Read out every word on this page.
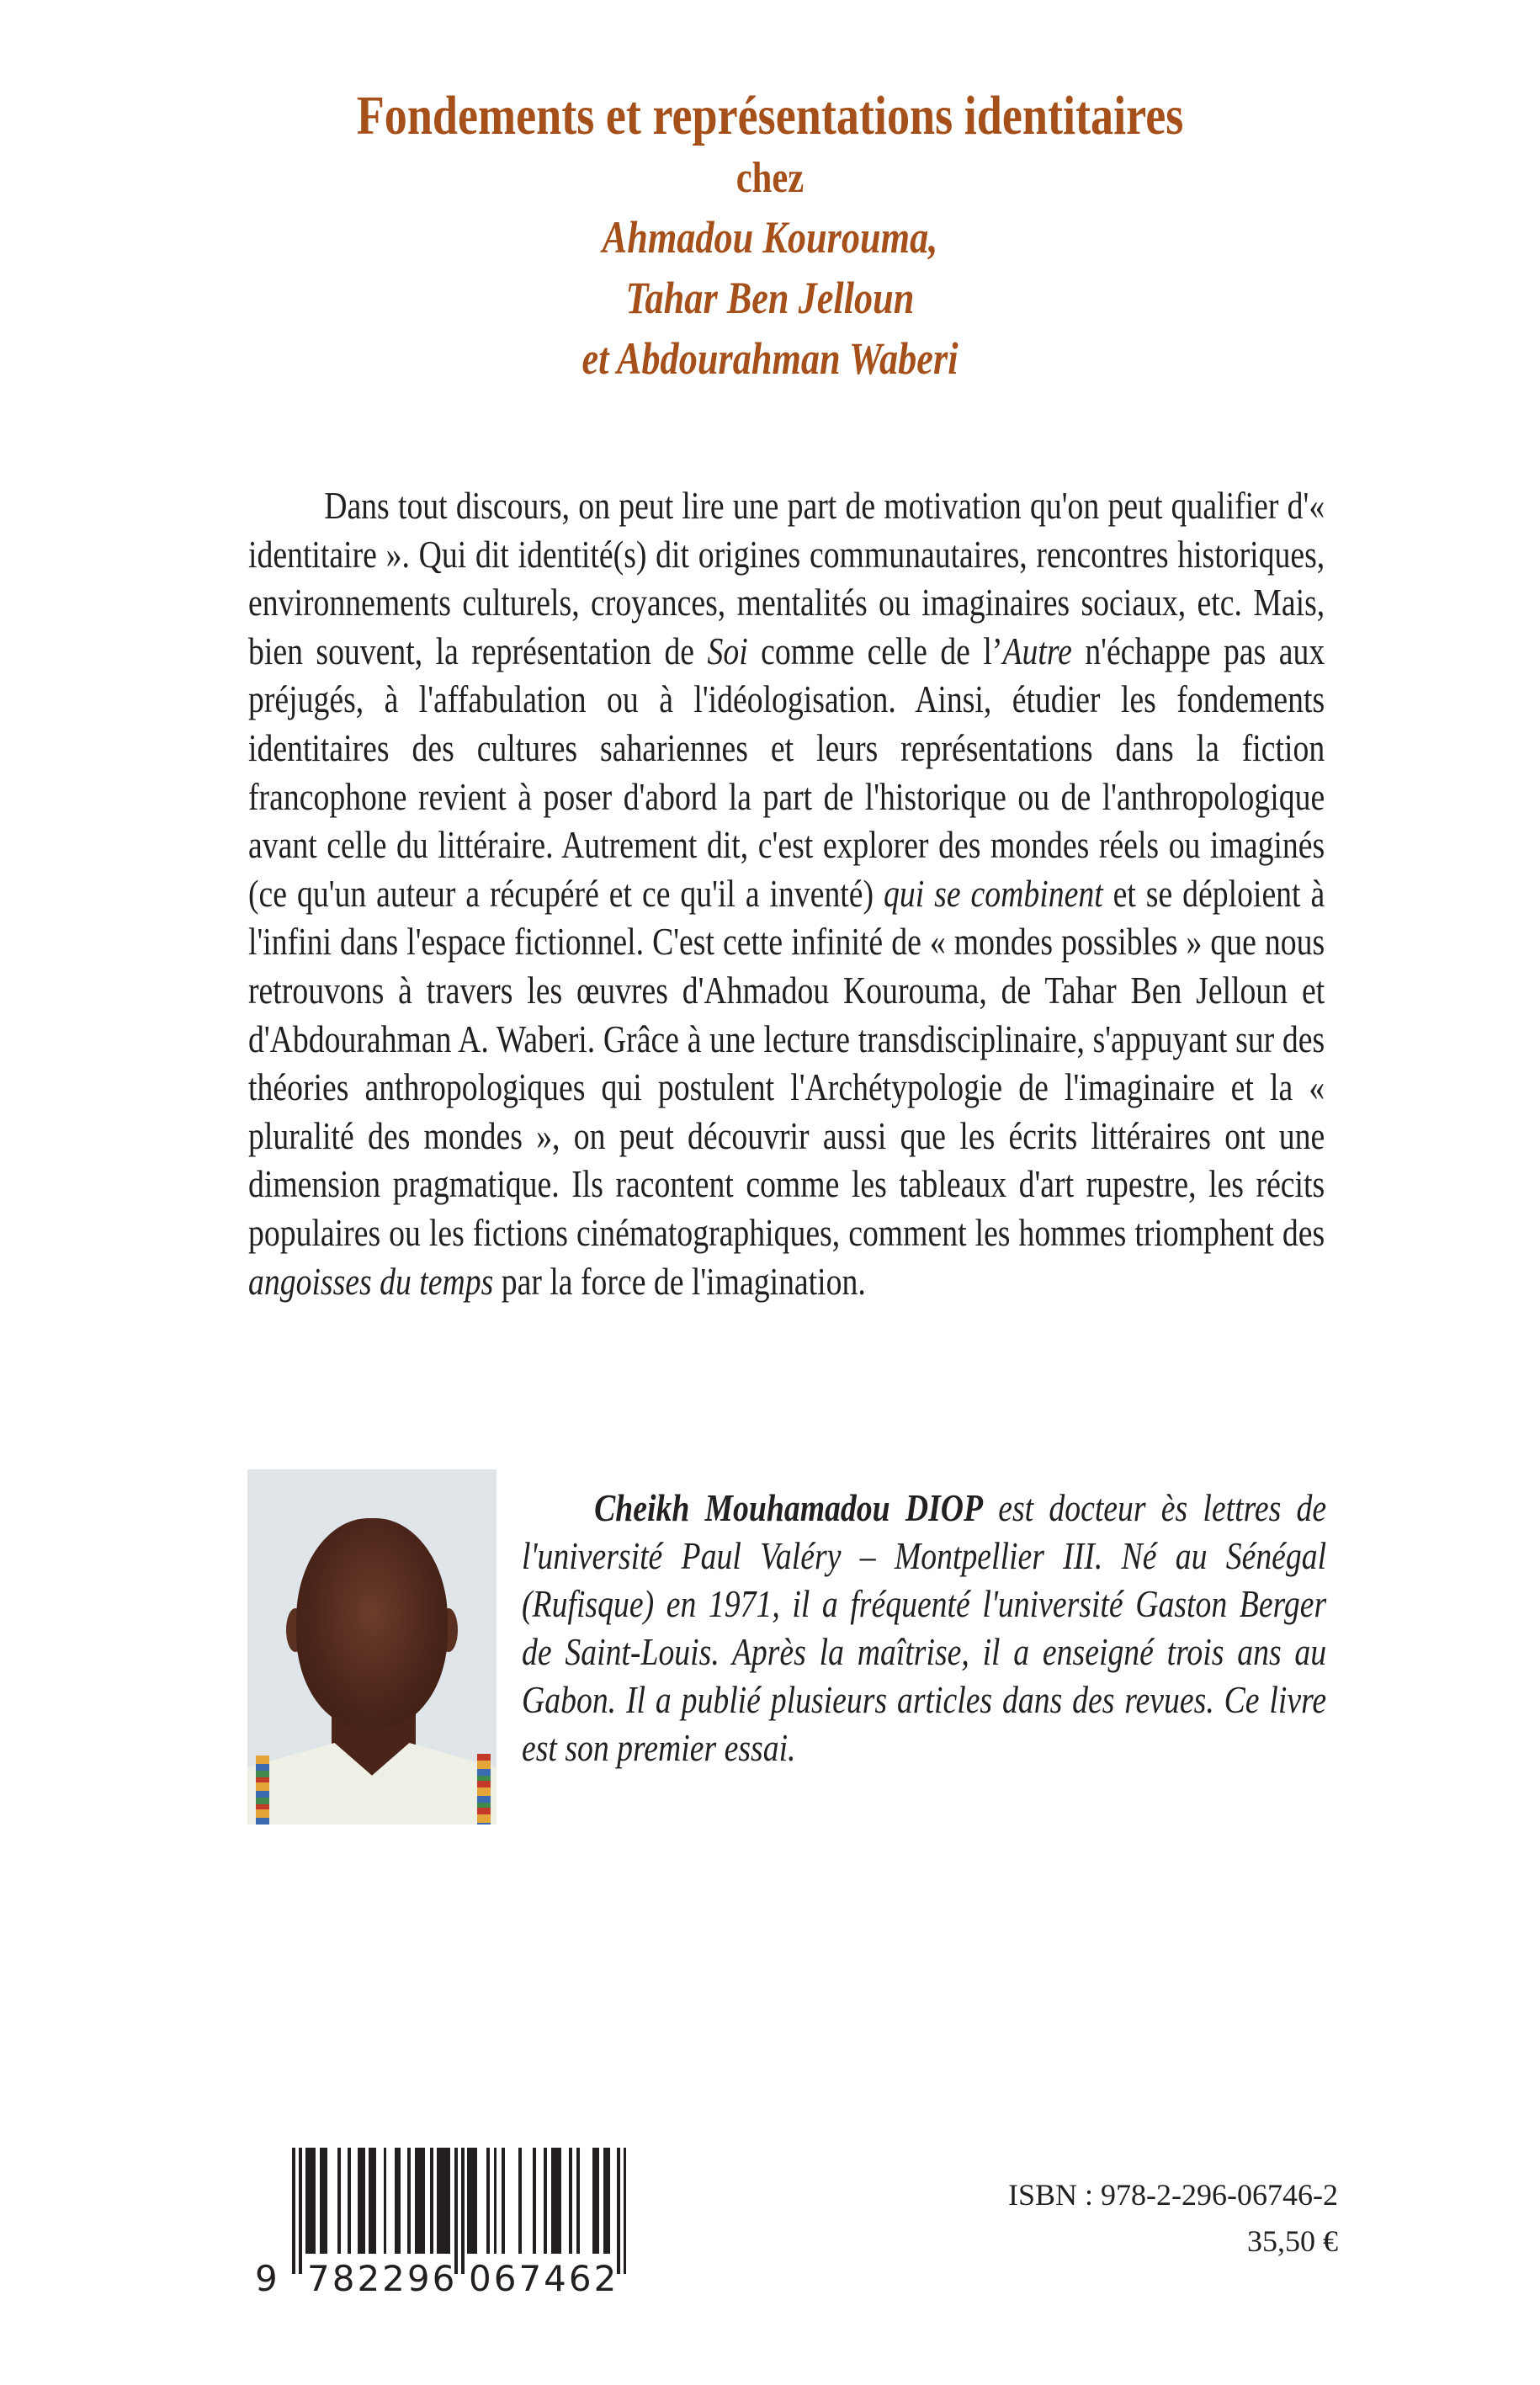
Fondements et représentations identitaires
chez
Ahmadou Kourouma,
Tahar Ben Jelloun
et Abdourahman Waberi

Dans tout discours, on peut lire une part de motivation qu'on peut qualifier d'« identitaire ». Qui dit identité(s) dit origines communautaires, rencontres historiques, environnements culturels, croyances, mentalités ou imaginaires sociaux, etc. Mais, bien souvent, la représentation de Soi comme celle de l’Autre n'échappe pas aux préjugés, à l'affabulation ou à l'idéologisation. Ainsi, étudier les fondements identitaires des cultures sahariennes et leurs représentations dans la fiction francophone revient à poser d'abord la part de l'historique ou de l'anthropologique avant celle du littéraire. Autrement dit, c'est explorer des mondes réels ou imaginés (ce qu'un auteur a récupéré et ce qu'il a inventé) qui se combinent et se déploient à l'infini dans l'espace fictionnel. C'est cette infinité de « mondes possibles » que nous retrouvons à travers les œuvres d'Ahmadou Kourouma, de Tahar Ben Jelloun et d'Abdourahman A. Waberi. Grâce à une lecture transdisciplinaire, s'appuyant sur des théories anthropologiques qui postulent l'Archétypologie de l'imaginaire et la « pluralité des mondes », on peut découvrir aussi que les écrits littéraires ont une dimension pragmatique. Ils racontent comme les tableaux d'art rupestre, les récits populaires ou les fictions cinématographiques, comment les hommes triomphent des angoisses du temps par la force de l'imagination.

Cheikh Mouhamadou DIOP est docteur ès lettres de l'université Paul Valéry – Montpellier III. Né au Sénégal (Rufisque) en 1971, il a fréquenté l'université Gaston Berger de Saint-Louis. Après la maîtrise, il a enseigné trois ans au Gabon. Il a publié plusieurs articles dans des revues. Ce livre est son premier essai.

9 782296 067462
ISBN : 978-2-296-06746-2
35,50 €
